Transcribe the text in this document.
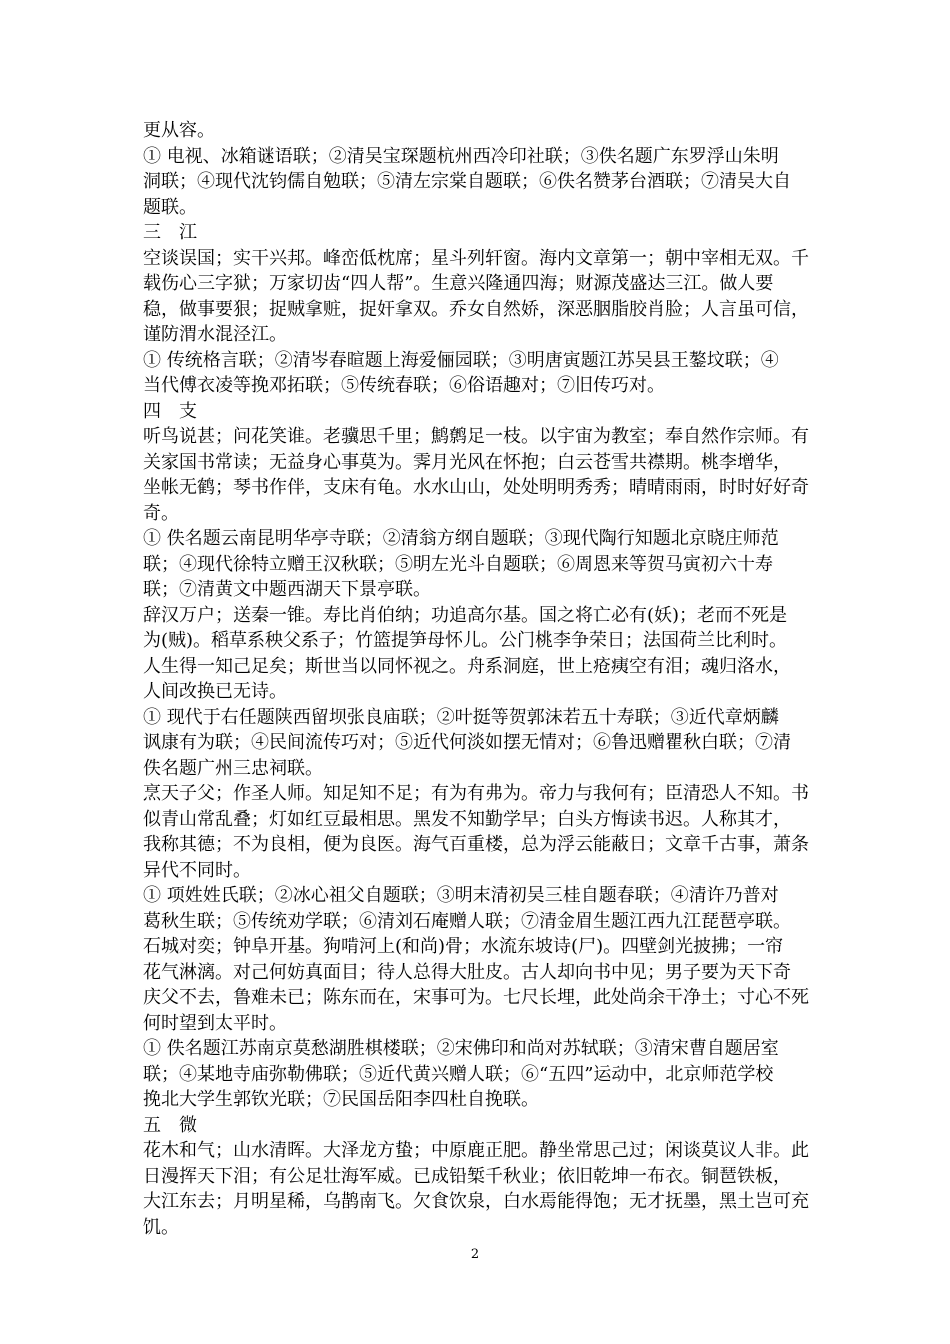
更从容。
① 电视、冰箱谜语联；②清吴宝琛题杭州西冷印社联；③佚名题广东罗浮山朱明
洞联；④现代沈钧儒自勉联；⑤清左宗棠自题联；⑥佚名赞茅台酒联；⑦清吴大自
题联。
三　江
空谈误国；实干兴邦。峰峦低枕席；星斗列轩窗。海内文章第一；朝中宰相无双。千
载伤心三字狱；万家切齿“四人帮”。生意兴隆通四海；财源茂盛达三江。做人要
稳，做事要狠；捉贼拿赃，捉奸拿双。乔女自然娇，深恶胭脂胶肖脸；人言虽可信，
谨防渭水混泾江。
① 传统格言联；②清岑春暄题上海爱俪园联；③明唐寅题江苏吴县王鏊坟联；④
当代傅衣凌等挽邓拓联；⑤传统春联；⑥俗语趣对；⑦旧传巧对。
四　支
听鸟说甚；问花笑谁。老骥思千里；鹪鹩足一枝。以宇宙为教室；奉自然作宗师。有
关家国书常读；无益身心事莫为。霁月光风在怀抱；白云苍雪共襟期。桃李增华，
坐帐无鹤；琴书作伴，支床有龟。水水山山，处处明明秀秀；晴晴雨雨，时时好好奇
奇。
① 佚名题云南昆明华亭寺联；②清翁方纲自题联；③现代陶行知题北京晓庄师范
联；④现代徐特立赠王汉秋联；⑤明左光斗自题联；⑥周恩来等贺马寅初六十寿
联；⑦清黄文中题西湖天下景亭联。
辞汉万户；送秦一锥。寿比肖伯纳；功追高尔基。国之将亡必有(妖)；老而不死是
为(贼)。稻草系秧父系子；竹篮提笋母怀儿。公门桃李争荣日；法国荷兰比利时。
人生得一知己足矣；斯世当以同怀视之。舟系洞庭，世上疮痍空有泪；魂归洛水，
人间改换已无诗。
① 现代于右任题陕西留坝张良庙联；②叶挺等贺郭沫若五十寿联；③近代章炳麟
讽康有为联；④民间流传巧对；⑤近代何淡如摆无情对；⑥鲁迅赠瞿秋白联；⑦清
佚名题广州三忠祠联。
烹天子父；作圣人师。知足知不足；有为有弗为。帝力与我何有；臣清恐人不知。书
似青山常乱叠；灯如红豆最相思。黑发不知勤学早；白头方悔读书迟。人称其才，
我称其德；不为良相，便为良医。海气百重楼，总为浮云能蔽日；文章千古事，萧条
异代不同时。
① 项姓姓氏联；②冰心祖父自题联；③明末清初吴三桂自题春联；④清许乃普对
葛秋生联；⑤传统劝学联；⑥清刘石庵赠人联；⑦清金眉生题江西九江琵琶亭联。
石城对奕；钟阜开基。狗啃河上(和尚)骨；水流东坡诗(尸)。四壁剑光披拂；一帘
花气淋漓。对己何妨真面目；待人总得大肚皮。古人却向书中见；男子要为天下奇
庆父不去，鲁难未已；陈东而在，宋事可为。七尺长埋，此处尚余干净土；寸心不死
何时望到太平时。
① 佚名题江苏南京莫愁湖胜棋楼联；②宋佛印和尚对苏轼联；③清宋曹自题居室
联；④某地寺庙弥勒佛联；⑤近代黄兴赠人联；⑥“五四”运动中，北京师范学校
挽北大学生郭钦光联；⑦民国岳阳李四杜自挽联。
五　微
花木和气；山水清晖。大泽龙方蛰；中原鹿正肥。静坐常思己过；闲谈莫议人非。此
日漫挥天下泪；有公足壮海军威。已成铅椠千秋业；依旧乾坤一布衣。铜琶铁板，
大江东去；月明星稀，乌鹊南飞。欠食饮泉，白水焉能得饱；无才抚墨，黑土岂可充
饥。
2
